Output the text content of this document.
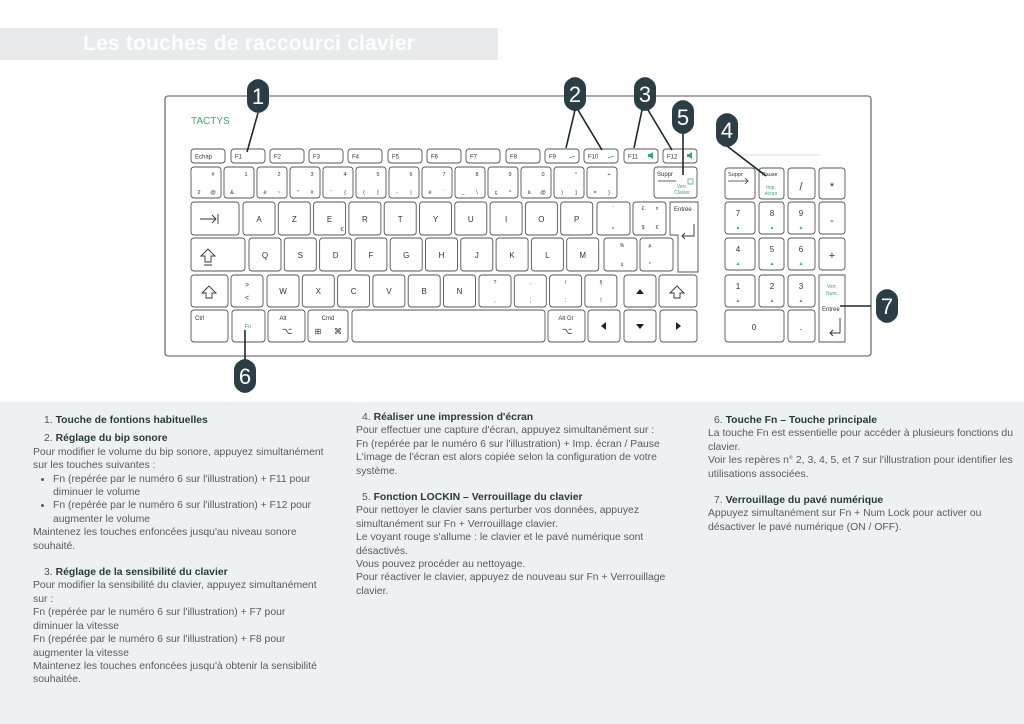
Les touches de raccourci clavier
TACTYS
Echap	F1	F2	F3	F4	F5	F6	F7	F8	F9	F10	F11	F12
#
2 @
1
&
2
é ~
3
" #
4
' {
5
( [
6
- |
7
è `
8
_ \
9
ç ^
0
à @
°
) ]
+
= }
Suppr
Verr.
Clavier
A	Z	E	R	T	Y	U	I	O	P
€
¨
^
£ ¤
$ €
Entrée
Q	S	D	F	G	H	J	K	L	M
%
ù
µ
*
>
<
W	X	C	V	B	N
?
,
.
;
/
:
§
!
Ctrl
Fn
Alt
⌥
Cmd
⊞ ⌘
Alt Gr
⌥
Suppr	Pause
Imp.
écran
/ *
7
▲
8
▲
9
▲
4
▲
5
▲
6
▲
1
▲
2
▲
3
▲
-
+
Verr.
Num.
Entrée
0	.
1	2	3
5
4
6
7
1. Touche de fontions habituelles
2. Réglage du bip sonore

Pour modifier le volume du bip sonore, appuyez simultanément sur les touches suivantes :

• Fn (repérée par le numéro 6 sur l'illustration) + F11 pour diminuer le volume
• Fn (repérée par le numéro 6 sur l'illustration) + F12 pour augmenter le volume

Maintenez les touches enfoncées jusqu'au niveau sonore souhaité.

3. Réglage de la sensibilité du clavier

Pour modifier la sensibilité du clavier, appuyez simultanément sur :

Fn (repérée par le numéro 6 sur l'illustration) + F7 pour diminuer la vitesse

Fn (repérée par le numéro 6 sur l'illustration) + F8 pour augmenter la vitesse

Maintenez les touches enfoncées jusqu'à obtenir la sensibilité souhaitée.

4. Réaliser une impression d'écran

Pour effectuer une capture d'écran, appuyez simultanément sur :

Fn (repérée par le numéro 6 sur l'illustration) + Imp. écran / Pause

L'image de l'écran est alors copiée selon la configuration de votre système.

5. Fonction LOCKIN – Verrouillage du clavier

Pour nettoyer le clavier sans perturber vos données, appuyez simultanément sur Fn + Verrouillage clavier.

Le voyant rouge s'allume : le clavier et le pavé numérique sont désactivés.

Vous pouvez procéder au nettoyage.

Pour réactiver le clavier, appuyez de nouveau sur Fn + Verrouillage clavier.

6. Touche Fn – Touche principale

La touche Fn est essentielle pour accéder à plusieurs fonctions du clavier.

Voir les repères n° 2, 3, 4, 5, et 7 sur l'illustration pour identifier les utilisations associées.

7. Verrouillage du pavé numérique

Appuyez simultanément sur Fn + Num Lock pour activer ou désactiver le pavé numérique (ON / OFF).
